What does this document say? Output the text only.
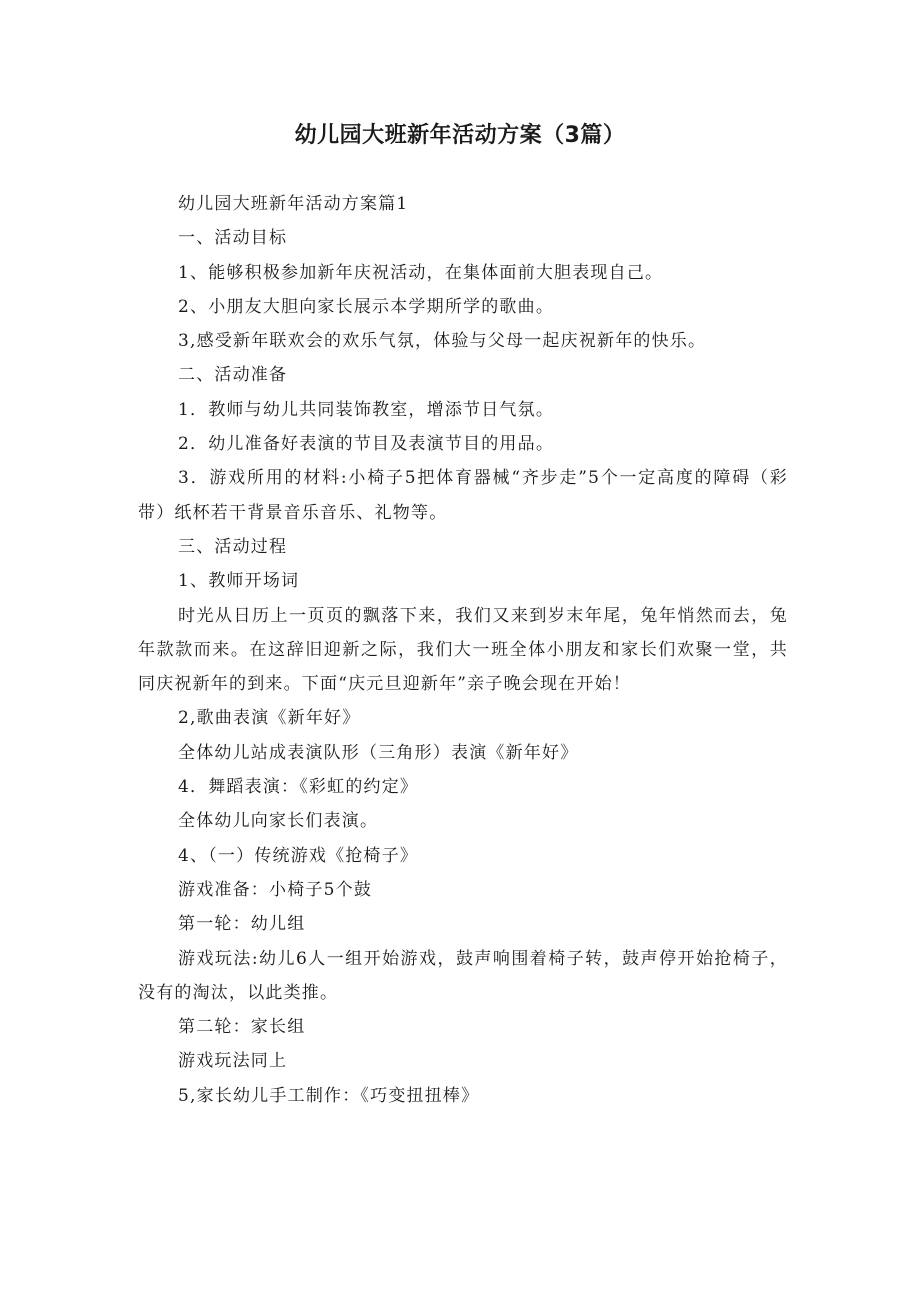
幼儿园大班新年活动方案（3篇）

幼儿园大班新年活动方案篇1

一、活动目标

1、能够积极参加新年庆祝活动，在集体面前大胆表现自己。

2、小朋友大胆向家长展示本学期所学的歌曲。

3,感受新年联欢会的欢乐气氛，体验与父母一起庆祝新年的快乐。

二、活动准备

1．教师与幼儿共同装饰教室，增添节日气氛。

2．幼儿准备好表演的节目及表演节目的用品。

3．游戏所用的材料:小椅子5把体育器械“齐步走”5个一定高度的障碍（彩带）纸杯若干背景音乐音乐、礼物等。

三、活动过程

1、教师开场词

时光从日历上一页页的飘落下来，我们又来到岁末年尾，兔年悄然而去，兔年款款而来。在这辞旧迎新之际，我们大一班全体小朋友和家长们欢聚一堂，共同庆祝新年的到来。下面“庆元旦迎新年”亲子晚会现在开始！

2,歌曲表演《新年好》

全体幼儿站成表演队形（三角形）表演《新年好》

4．舞蹈表演：《彩虹的约定》

全体幼儿向家长们表演。

4、（一）传统游戏《抢椅子》

游戏准备：小椅子5个鼓

第一轮：幼儿组

游戏玩法:幼儿6人一组开始游戏，鼓声响围着椅子转，鼓声停开始抢椅子，没有的淘汰，以此类推。

第二轮：家长组

游戏玩法同上

5,家长幼儿手工制作：《巧变扭扭棒》
